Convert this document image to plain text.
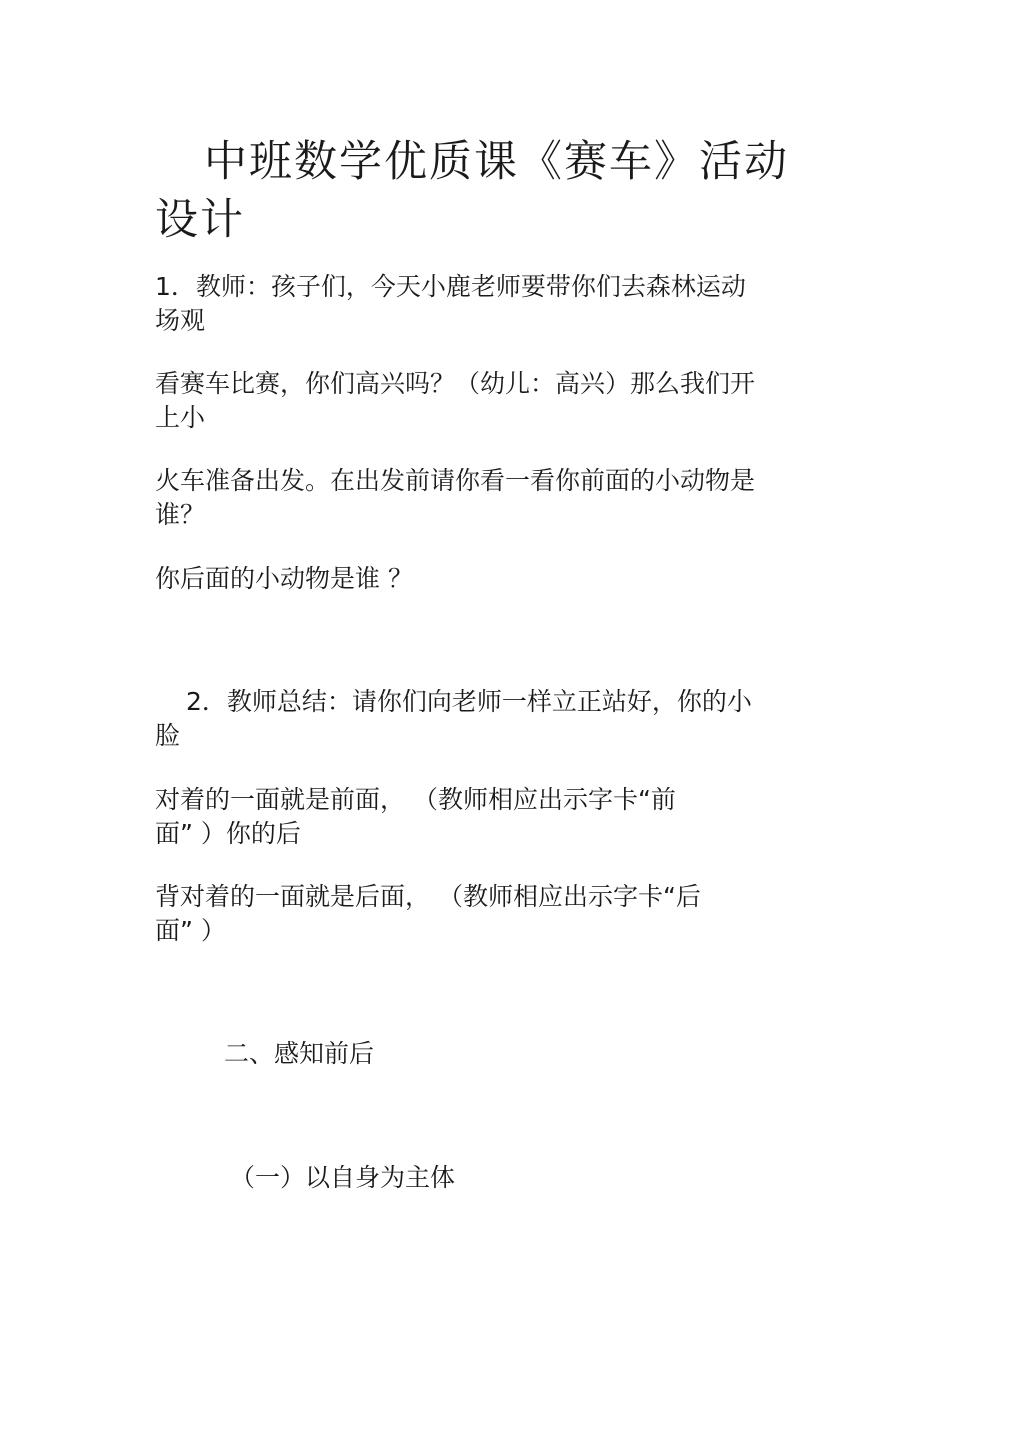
中班数学优质课《赛车》活动
设计

1．教师：孩子们，今天小鹿老师要带你们去森林运动

场观

看赛车比赛，你们高兴吗？（幼儿：高兴）那么我们开

上小

火车准备出发。在出发前请你看一看你前面的小动物是

谁？

你后面的小动物是谁 ？

2．教师总结：请你们向老师一样立正站好，你的小

脸

对着的一面就是前面， （教师相应出示字卡“前

面” ）你的后

背对着的一面就是后面， （教师相应出示字卡“后

面” ）

二、感知前后
（一）以自身为主体
